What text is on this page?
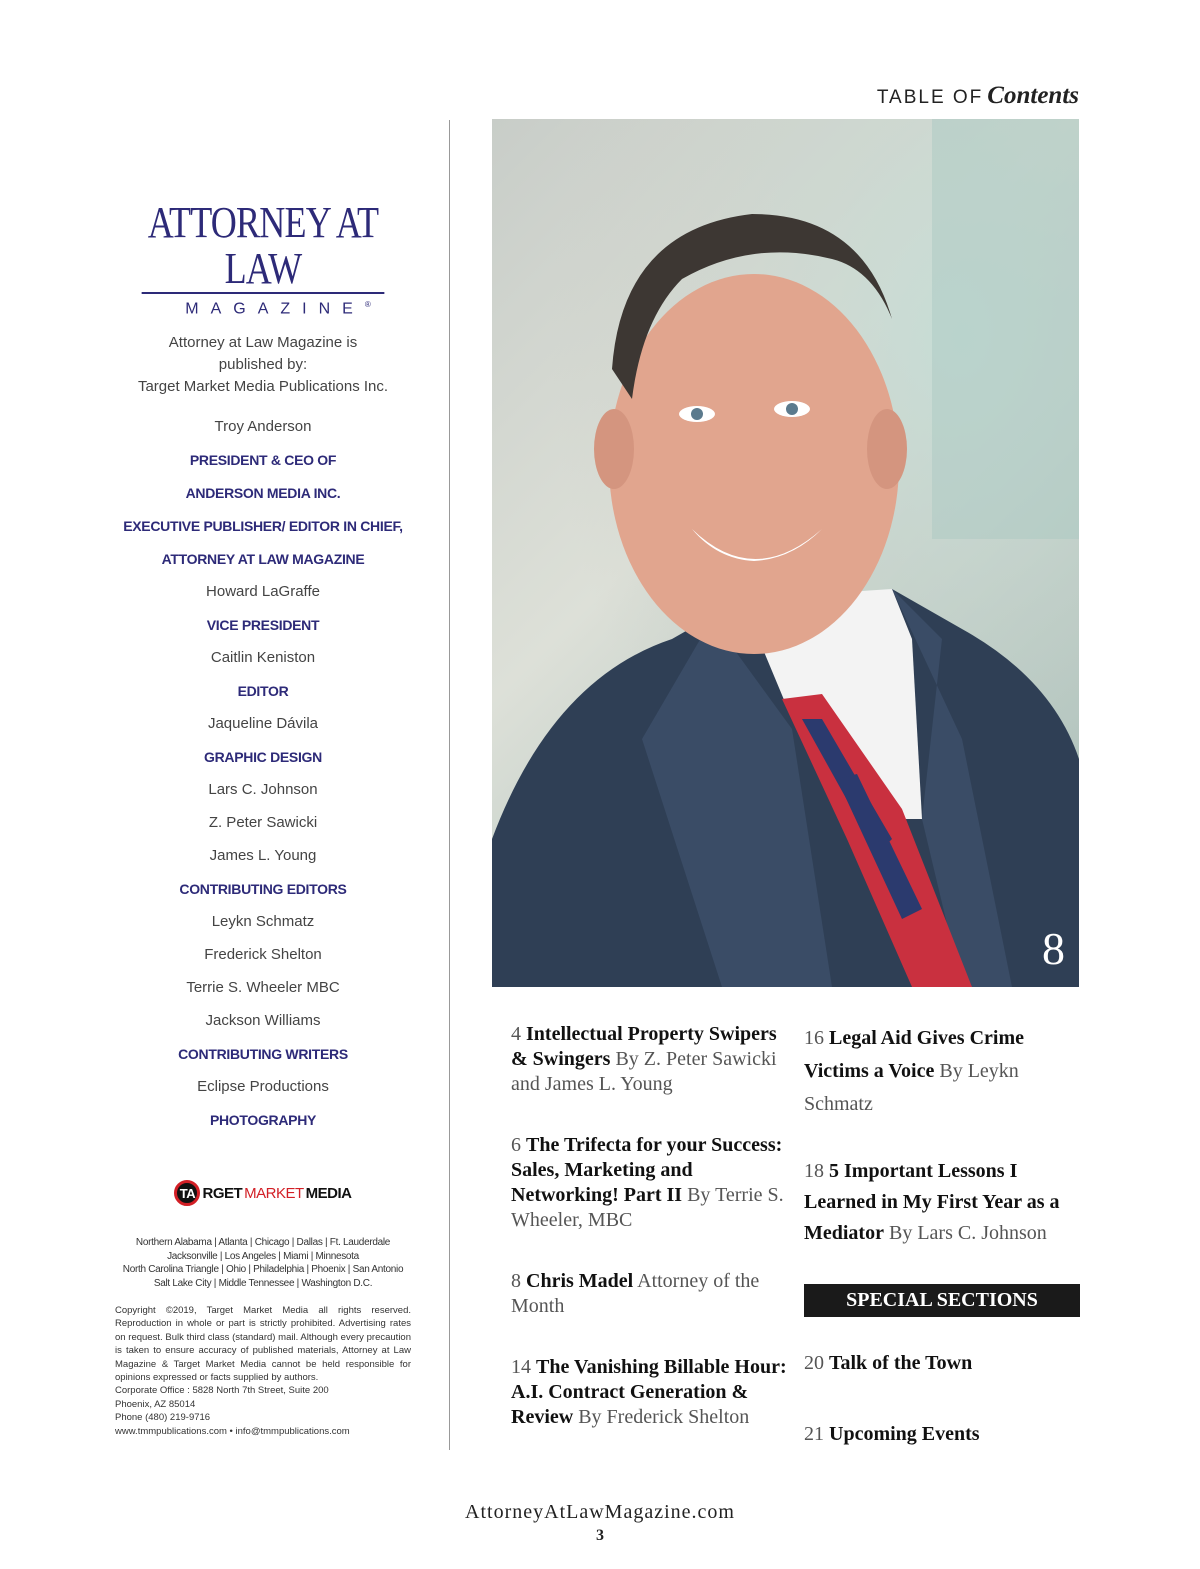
TABLE OF Contents
ATTORNEY AT LAW
MAGAZINE®
Attorney at Law Magazine is
published by:
Target Market Media Publications Inc.
Troy Anderson
PRESIDENT & CEO OF
ANDERSON MEDIA INC.
EXECUTIVE PUBLISHER/ EDITOR IN CHIEF,
ATTORNEY AT LAW MAGAZINE
Howard LaGraffe
VICE PRESIDENT
Caitlin Keniston
EDITOR
Jaqueline Dávila
GRAPHIC DESIGN
Lars C. Johnson
Z. Peter Sawicki
James L. Young
CONTRIBUTING EDITORS
Leykn Schmatz
Frederick Shelton
Terrie S. Wheeler MBC
Jackson Williams
CONTRIBUTING WRITERS
Eclipse Productions
PHOTOGRAPHY
TA RGET MARKET MEDIA
Northern Alabama | Atlanta | Chicago | Dallas | Ft. Lauderdale
Jacksonville | Los Angeles | Miami | Minnesota
North Carolina Triangle | Ohio | Philadelphia | Phoenix | San Antonio
Salt Lake City | Middle Tennessee | Washington D.C.
Copyright ©2019, Target Market Media all rights reserved. Reproduction in whole or part is strictly prohibited. Advertising rates on request. Bulk third class (standard) mail. Although every precaution is taken to ensure accuracy of published materials, Attorney at Law Magazine & Target Market Media cannot be held responsible for opinions expressed or facts supplied by authors.
Corporate Office : 5828 North 7th Street, Suite 200
Phoenix, AZ 85014
Phone (480) 219-9716
www.tmmpublications.com • info@tmmpublications.com
8
4 Intellectual Property Swipers & Swingers By Z. Peter Sawicki and James L. Young
6 The Trifecta for your Success: Sales, Marketing and Networking! Part II By Terrie S. Wheeler, MBC
8 Chris Madel Attorney of the Month
14 The Vanishing Billable Hour: A.I. Contract Generation & Review By Frederick Shelton
16 Legal Aid Gives Crime Victims a Voice By Leykn Schmatz
18 5 Important Lessons I Learned in My First Year as a Mediator By Lars C. Johnson
SPECIAL SECTIONS
20 Talk of the Town
21 Upcoming Events
AttorneyAtLawMagazine.com
3
